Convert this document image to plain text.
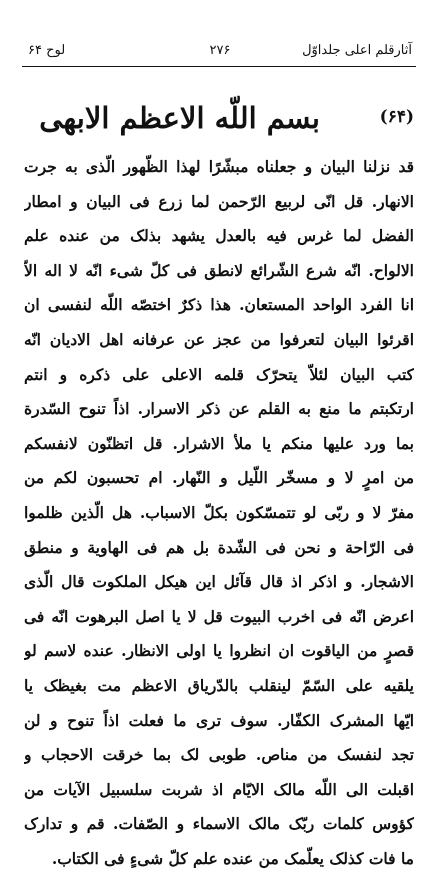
آثارقلم اعلى جلداوّل
۲۷۶
لوح ۶۴
(۶۴)
بسم اللّه الاعظم الابهى
قد نزلنا البيان و جعلناه مبشّرًا لهذا الظّهور الّذى به جرت
الانهار. قل انّى لربيع الرّحمن لما زرع فى البيان و امطار
الفضل لما غرس فيه بالعدل يشهد بذلک من عنده علم
الالواح. انّه شرع الشّرائع لانطق فى كلّ شىء انّه لا اله الاّ
انا الفرد الواحد المستعان. هذا ذكرٌ اختصّه اللّه لنفسى ان
اقرئوا البيان لتعرفوا من عجز عن عرفانه اهل الاديان انّه
كتب البيان لئلاّ يتحرّک قلمه الاعلى على ذكره و انتم
ارتكبتم ما منع به القلم عن ذكر الاسرار. اذاً تنوح السّدرة
بما ورد عليها منكم يا ملأ الاشرار. قل اتظنّون لانفسكم
من امرٍ لا و مسخّر اللّيل و النّهار. ام تحسبون لكم من
مفرّ لا و ربّى لو تتمسّكون بكلّ الاسباب. هل الّذين ظلموا
فى الرّاحة و نحن فى الشّدة بل هم فى الهاوية و منطق
الاشجار. و اذكر اذ قال قآئل اين هيكل الملكوت قال الّذى
اعرض انّه فى اخرب البيوت قل لا يا اصل البرهوت انّه فى
قصرٍ من الياقوت ان انظروا يا اولى الانظار. عنده لاسم لو
يلقيه على السّمّ لينقلب بالدّرياق الاعظم مت بغيظک يا
ايّها المشرک الكفّار. سوف ترى ما فعلت اذاً تنوح و لن
تجد لنفسک من مناص. طوبى لک بما خرقت الاحجاب و
اقبلت الى اللّه مالک الايّام اذ شربت سلسبيل الآيات من
كؤوس كلمات ربّک مالک الاسماء و الصّفات. قم و تدارک
ما فات كذلک يعلّمک من عنده علم كلّ شىءٍ فى الكتاب.
